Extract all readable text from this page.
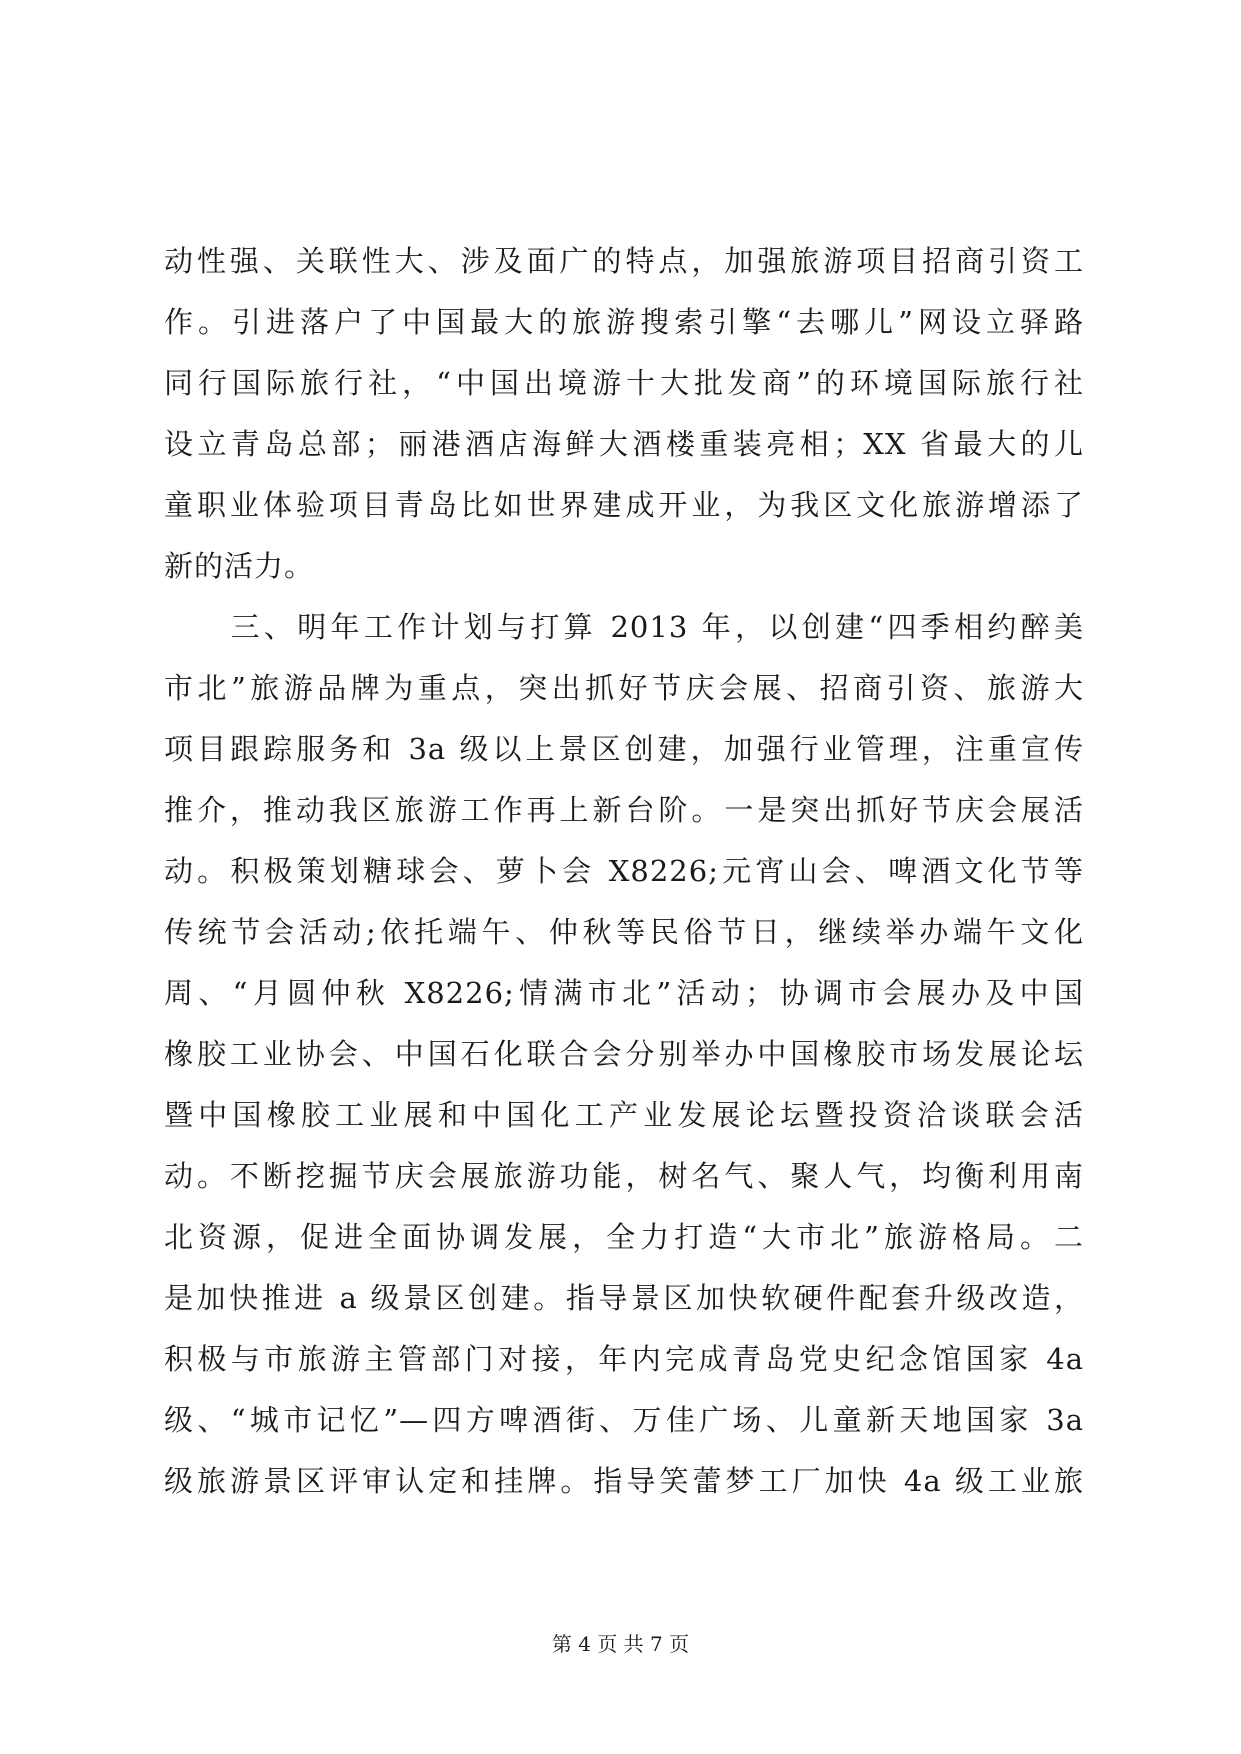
动性强、关联性大、涉及面广的特点，加强旅游项目招商引资工
作。引进落户了中国最大的旅游搜索引擎“去哪儿”网设立驿路
同行国际旅行社，“中国出境游十大批发商”的环境国际旅行社
设立青岛总部；丽港酒店海鲜大酒楼重装亮相；XX 省最大的儿
童职业体验项目青岛比如世界建成开业，为我区文化旅游增添了
新的活力。
　　三、明年工作计划与打算 2013 年，以创建“四季相约醉美
市北”旅游品牌为重点，突出抓好节庆会展、招商引资、旅游大
项目跟踪服务和 3a 级以上景区创建，加强行业管理，注重宣传
推介，推动我区旅游工作再上新台阶。一是突出抓好节庆会展活
动。积极策划糖球会、萝卜会 X8226;元宵山会、啤酒文化节等
传统节会活动;依托端午、仲秋等民俗节日，继续举办端午文化
周、“月圆仲秋 X8226;情满市北”活动；协调市会展办及中国
橡胶工业协会、中国石化联合会分别举办中国橡胶市场发展论坛
暨中国橡胶工业展和中国化工产业发展论坛暨投资洽谈联会活
动。不断挖掘节庆会展旅游功能，树名气、聚人气，均衡利用南
北资源，促进全面协调发展，全力打造“大市北”旅游格局。二
是加快推进 a 级景区创建。指导景区加快软硬件配套升级改造，
积极与市旅游主管部门对接，年内完成青岛党史纪念馆国家 4a
级、“城市记忆”—四方啤酒街、万佳广场、儿童新天地国家 3a
级旅游景区评审认定和挂牌。指导笑蕾梦工厂加快 4a 级工业旅
第 4 页 共 7 页
